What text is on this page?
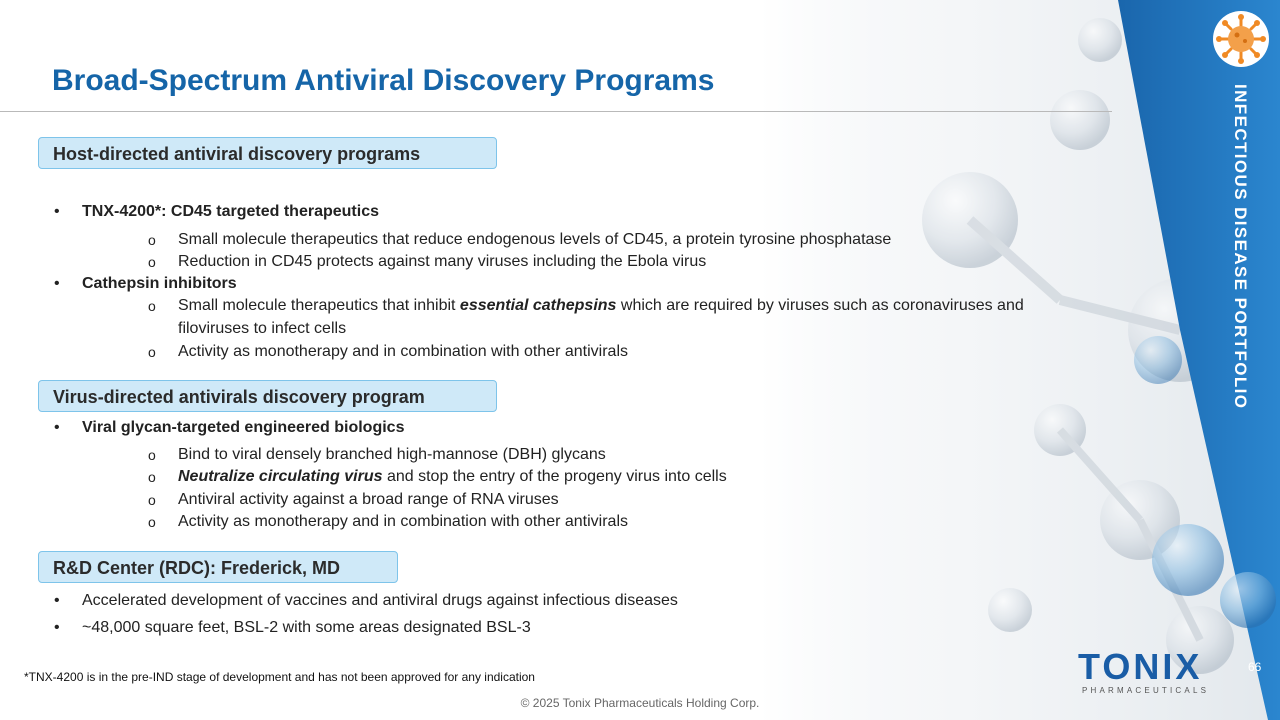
INFECTIOUS DISEASE PORTFOLIO
Broad-Spectrum Antiviral Discovery Programs
Host-directed antiviral discovery programs
• TNX-4200*: CD45 targeted therapeutics
o Small molecule therapeutics that reduce endogenous levels of CD45, a protein tyrosine phosphatase
o Reduction in CD45 protects against many viruses including the Ebola virus
• Cathepsin inhibitors
o Small molecule therapeutics that inhibit essential cathepsins which are required by viruses such as coronaviruses and
filoviruses to infect cells
o Activity as monotherapy and in combination with other antivirals
Virus-directed antivirals discovery program
• Viral glycan-targeted engineered biologics
o Bind to viral densely branched high-mannose (DBH) glycans
o Neutralize circulating virus and stop the entry of the progeny virus into cells
o Antiviral activity against a broad range of RNA viruses
o Activity as monotherapy and in combination with other antivirals
R&D Center (RDC): Frederick, MD
• Accelerated development of vaccines and antiviral drugs against infectious diseases
• ~48,000 square feet, BSL-2 with some areas designated BSL-3
*TNX-4200 is in the pre-IND stage of development and has not been approved for any indication
© 2025 Tonix Pharmaceuticals Holding Corp.
66
TONIX
PHARMACEUTICALS
